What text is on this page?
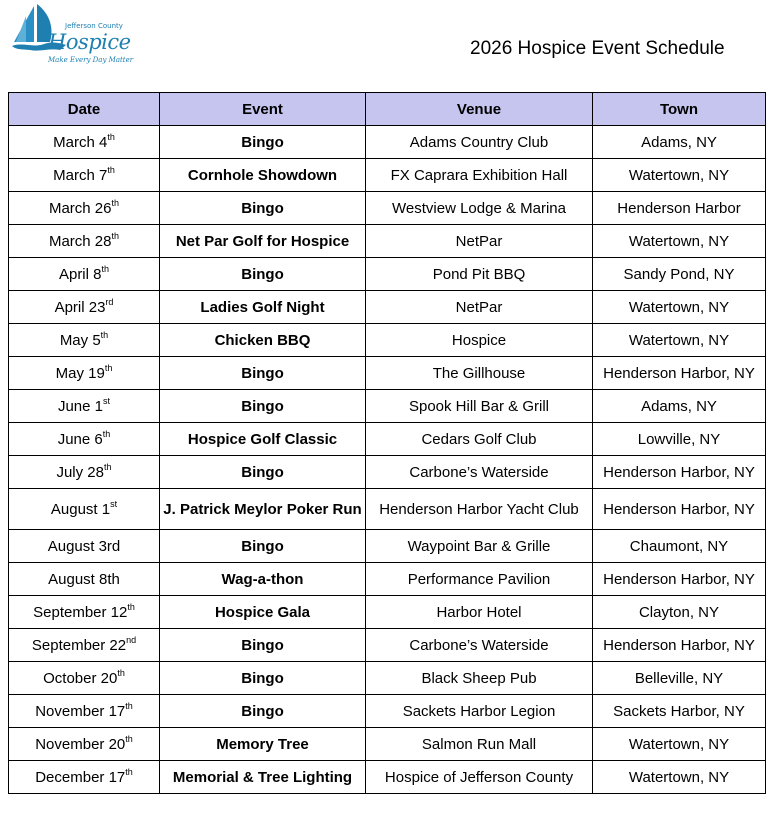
Jefferson County
Hospice
Make Every Day Matter
2026 Hospice Event Schedule
Date	Event	Venue	Town
March 4th	Bingo	Adams Country Club	Adams, NY
March 7th	Cornhole Showdown	FX Caprara Exhibition Hall	Watertown, NY
March 26th	Bingo	Westview Lodge & Marina	Henderson Harbor
March 28th	Net Par Golf for Hospice	NetPar	Watertown, NY
April 8th	Bingo	Pond Pit BBQ	Sandy Pond, NY
April 23rd	Ladies Golf Night	NetPar	Watertown, NY
May 5th	Chicken BBQ	Hospice	Watertown, NY
May 19th	Bingo	The Gillhouse	Henderson Harbor, NY
June 1st	Bingo	Spook Hill Bar & Grill	Adams, NY
June 6th	Hospice Golf Classic	Cedars Golf Club	Lowville, NY
July 28th	Bingo	Carbone’s Waterside	Henderson Harbor, NY
August 1st	J. Patrick Meylor Poker Run	Henderson Harbor Yacht Club	Henderson Harbor, NY
August 3rd	Bingo	Waypoint Bar & Grille	Chaumont, NY
August 8th	Wag-a-thon	Performance Pavilion	Henderson Harbor, NY
September 12th	Hospice Gala	Harbor Hotel	Clayton, NY
September 22nd	Bingo	Carbone’s Waterside	Henderson Harbor, NY
October 20th	Bingo	Black Sheep Pub	Belleville, NY
November 17th	Bingo	Sackets Harbor Legion	Sackets Harbor, NY
November 20th	Memory Tree	Salmon Run Mall	Watertown, NY
December 17th	Memorial & Tree Lighting	Hospice of Jefferson County	Watertown, NY
